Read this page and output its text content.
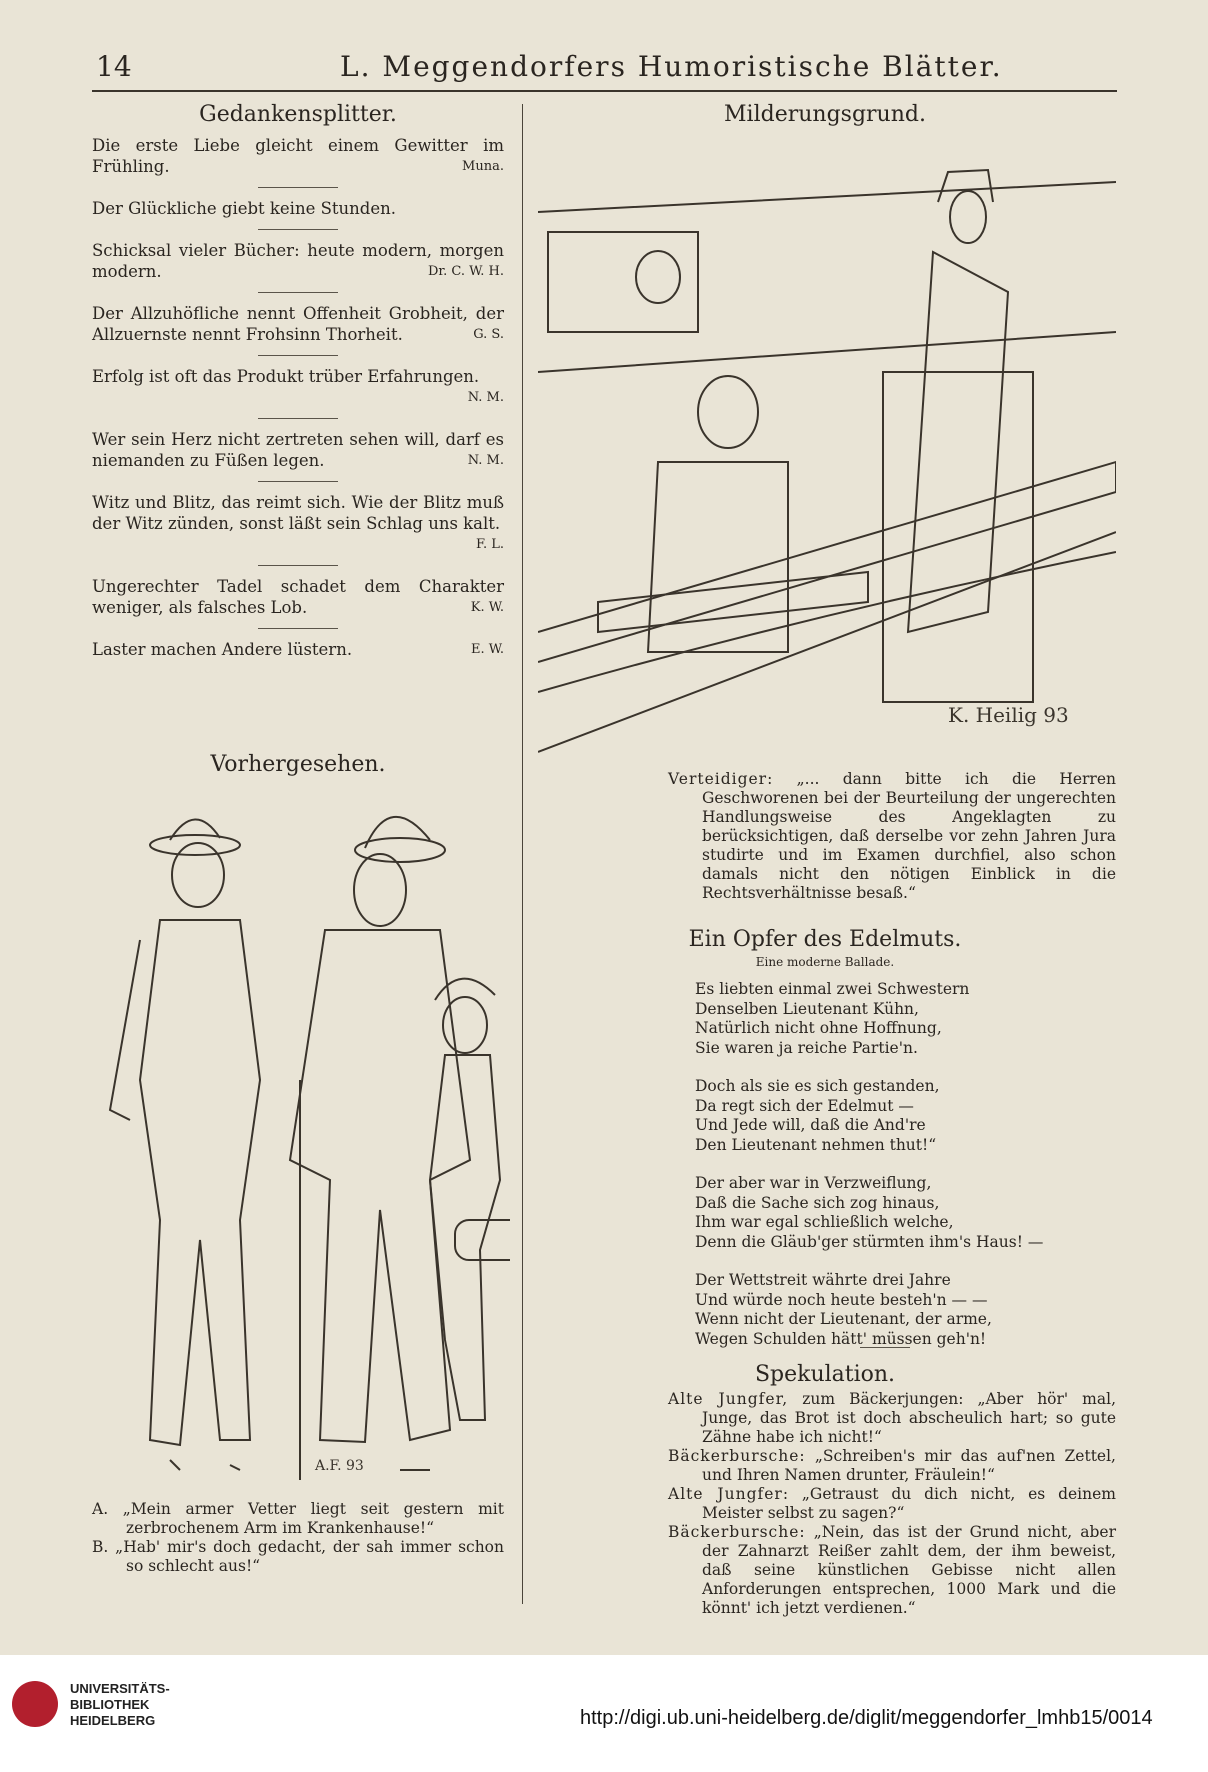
14	L. Meggendorfers Humoristische Blätter.
Gedankensplitter.
Die erste Liebe gleicht einem Gewitter im Frühling.	Muna.
Der Glückliche giebt keine Stunden.
Schicksal vieler Bücher: heute modern, morgen modern.	Dr. C. W. H.
Der Allzuhöfliche nennt Offenheit Grobheit, der Allzuernste nennt Frohsinn Thorheit.	G. S.
Erfolg ist oft das Produkt trüber Erfahrungen.
N. M.
Wer sein Herz nicht zertreten sehen will, darf es niemanden zu Füßen legen.	N. M.
Witz und Blitz, das reimt sich. Wie der Blitz muß der Witz zünden, sonst läßt sein Schlag uns kalt.
F. L.
Ungerechter Tadel schadet dem Charakter weniger, als falsches Lob.	K. W.
Laster machen Andere lüstern.	E. W.
Vorhergesehen.
A.F. 93

A. „Mein armer Vetter liegt seit gestern mit zerbrochenem Arm im Krankenhause!“

B. „Hab' mir's doch gedacht, der sah immer schon so schlecht aus!“

Milderungsgrund.
K. Heilig 93

Verteidiger: „... dann bitte ich die Herren Geschworenen bei der Beurteilung der ungerechten Handlungsweise des Angeklagten zu berücksichtigen, daß derselbe vor zehn Jahren Jura studirte und im Examen durchfiel, also schon damals nicht den nötigen Einblick in die Rechtsverhältnisse besaß.“

Ein Opfer des Edelmuts.
Eine moderne Ballade.
Es liebten einmal zwei Schwestern
Denselben Lieutenant Kühn,
Natürlich nicht ohne Hoffnung,
Sie waren ja reiche Partie'n.
Doch als sie es sich gestanden,
Da regt sich der Edelmut —
Und Jede will, daß die And're
Den Lieutenant nehmen thut!“
Der aber war in Verzweiflung,
Daß die Sache sich zog hinaus,
Ihm war egal schließlich welche,
Denn die Gläub'ger stürmten ihm's Haus! —
Der Wettstreit währte drei Jahre
Und würde noch heute besteh'n — —
Wenn nicht der Lieutenant, der arme,
Wegen Schulden hätt' müssen geh'n!
Spekulation.

Alte Jungfer, zum Bäckerjungen: „Aber hör' mal, Junge, das Brot ist doch abscheulich hart; so gute Zähne habe ich nicht!“

Bäckerbursche: „Schreiben's mir das auf'nen Zettel, und Ihren Namen drunter, Fräulein!“

Alte Jungfer: „Getraust du dich nicht, es deinem Meister selbst zu sagen?“

Bäckerbursche: „Nein, das ist der Grund nicht, aber der Zahnarzt Reißer zahlt dem, der ihm beweist, daß seine künstlichen Gebisse nicht allen Anforderungen entsprechen, 1000 Mark und die könnt' ich jetzt verdienen.“

UNIVERSITÄTS-
BIBLIOTHEK
HEIDELBERG	http://digi.ub.uni-heidelberg.de/diglit/meggendorfer_lmhb15/0014
